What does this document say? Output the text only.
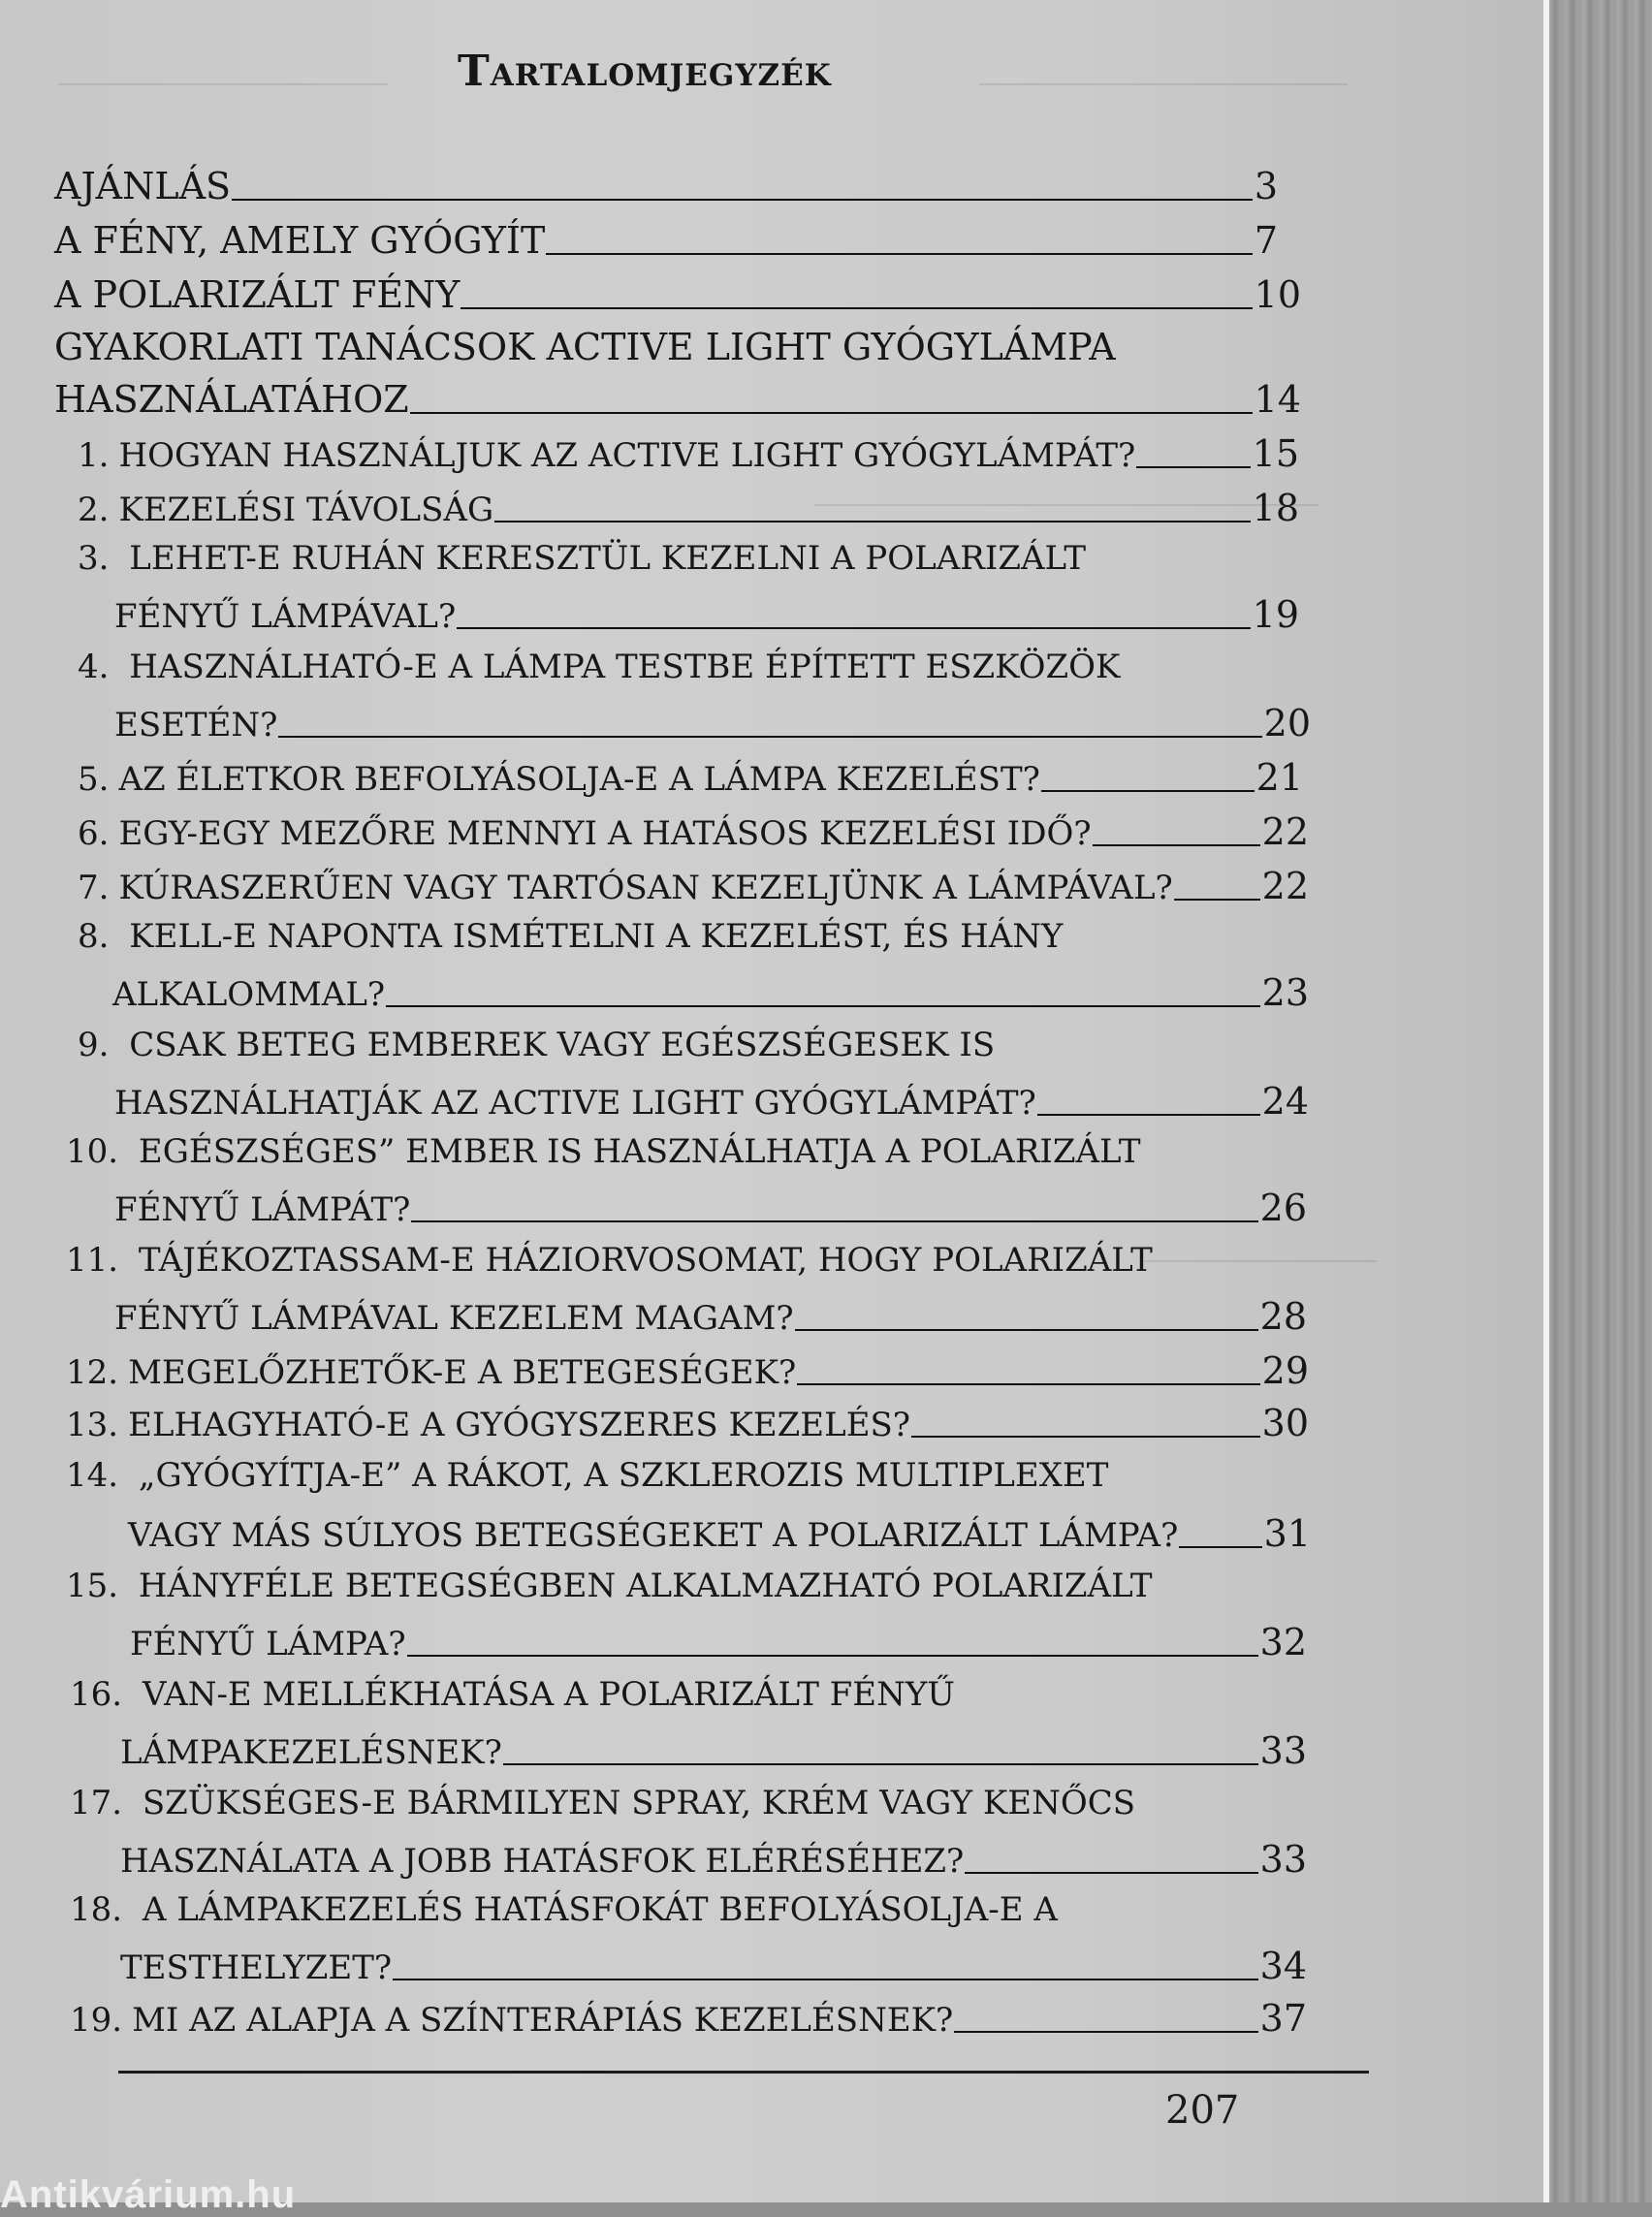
Tartalomjegyzék
AJÁNLÁS	3
A FÉNY, AMELY GYÓGYÍT	7
A POLARIZÁLT FÉNY	10
GYAKORLATI TANÁCSOK ACTIVE LIGHT GYÓGYLÁMPA
HASZNÁLATÁHOZ	14
1. HOGYAN HASZNÁLJUK AZ ACTIVE LIGHT GYÓGYLÁMPÁT?	15
2. KEZELÉSI TÁVOLSÁG	18
3. LEHET-E RUHÁN KERESZTÜL KEZELNI A POLARIZÁLT
FÉNYŰ LÁMPÁVAL?	19
4. HASZNÁLHATÓ-E A LÁMPA TESTBE ÉPÍTETT ESZKÖZÖK
ESETÉN?	20
5. AZ ÉLETKOR BEFOLYÁSOLJA-E A LÁMPA KEZELÉST?	21
6. EGY-EGY MEZŐRE MENNYI A HATÁSOS KEZELÉSI IDŐ?	22
7. KÚRASZERŰEN VAGY TARTÓSAN KEZELJÜNK A LÁMPÁVAL? 22
8. KELL-E NAPONTA ISMÉTELNI A KEZELÉST, ÉS HÁNY
ALKALOMMAL?	23
9. CSAK BETEG EMBEREK VAGY EGÉSZSÉGESEK IS
HASZNÁLHATJÁK AZ ACTIVE LIGHT GYÓGYLÁMPÁT?	24
10. EGÉSZSÉGES” EMBER IS HASZNÁLHATJA A POLARIZÁLT
FÉNYŰ LÁMPÁT?	26
11. TÁJÉKOZTASSAM-E HÁZIORVOSOMAT, HOGY POLARIZÁLT
FÉNYŰ LÁMPÁVAL KEZELEM MAGAM?	28
12. MEGELŐZHETŐK-E A BETEGESÉGEK?	29
13. ELHAGYHATÓ-E A GYÓGYSZERES KEZELÉS?	30
14. „GYÓGYÍTJA-E” A RÁKOT, A SZKLEROZIS MULTIPLEXET
VAGY MÁS SÚLYOS BETEGSÉGEKET A POLARIZÁLT LÁMPA? 31
15. HÁNYFÉLE BETEGSÉGBEN ALKALMAZHATÓ POLARIZÁLT
FÉNYŰ LÁMPA?	32
16. VAN-E MELLÉKHATÁSA A POLARIZÁLT FÉNYŰ
LÁMPAKEZELÉSNEK?	33
17. SZÜKSÉGES-E BÁRMILYEN SPRAY, KRÉM VAGY KENŐCS
HASZNÁLATA A JOBB HATÁSFOK ELÉRÉSÉHEZ?	33
18. A LÁMPAKEZELÉS HATÁSFOKÁT BEFOLYÁSOLJA-E A
TESTHELYZET?	34
19. MI AZ ALAPJA A SZÍNTERÁPIÁS KEZELÉSNEK?	37
207
Antikvárium.hu
